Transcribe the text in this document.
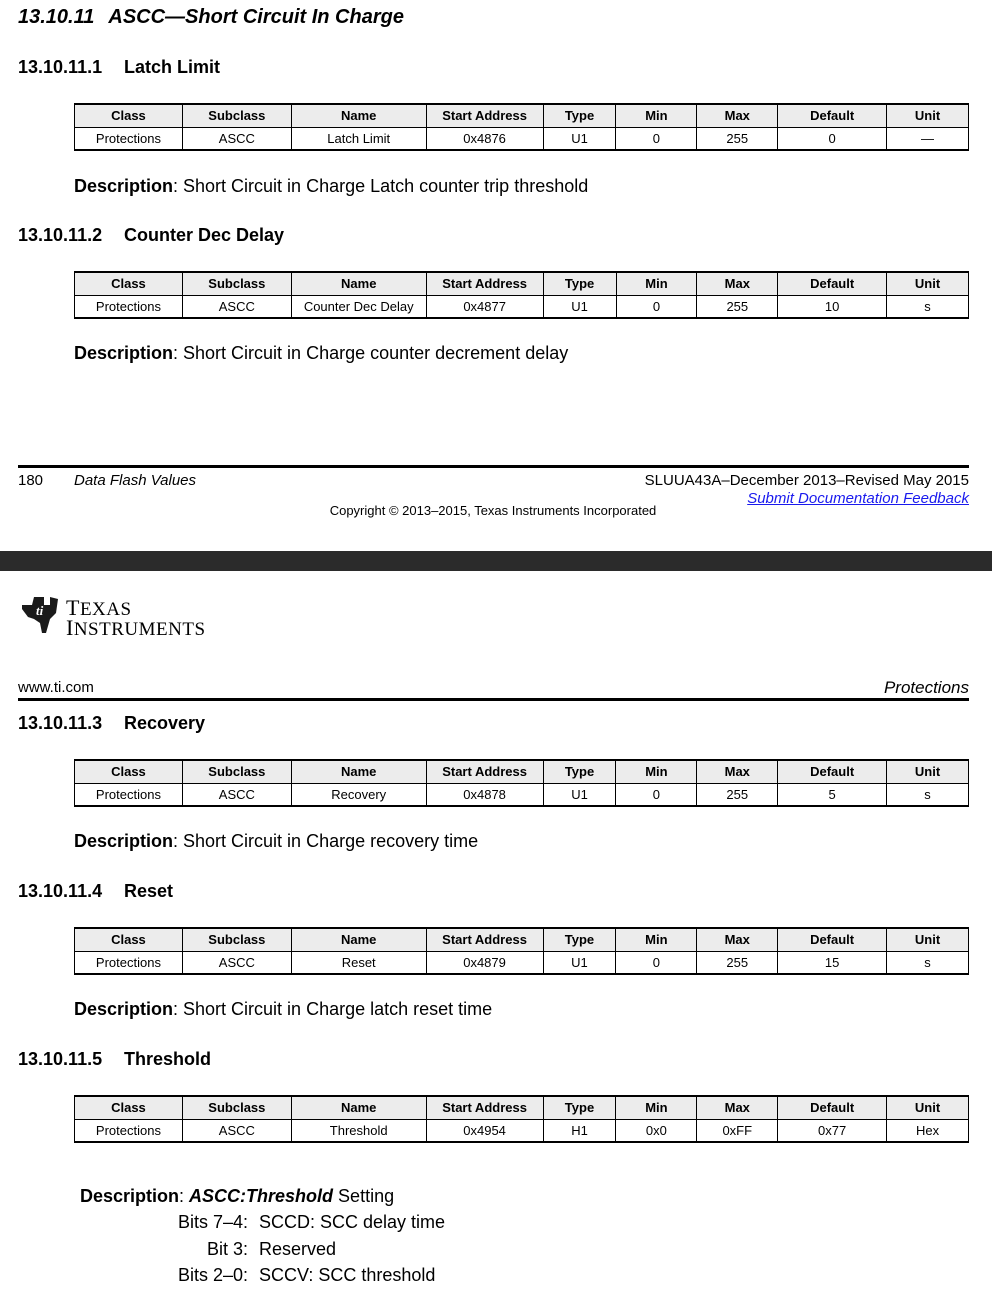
13.10.11 ASCC—Short Circuit In Charge
13.10.11.1 Latch Limit
Class	Subclass	Name	Start Address	Type	Min	Max	Default	Unit
Protections	ASCC	Latch Limit	0x4876	U1	0	255	0	—
Description: Short Circuit in Charge Latch counter trip threshold
13.10.11.2 Counter Dec Delay
Class	Subclass	Name	Start Address	Type	Min	Max	Default	Unit
Protections	ASCC	Counter Dec Delay	0x4877	U1	0	255	10	s
Description: Short Circuit in Charge counter decrement delay
180 Data Flash Values	SLUUA43A–December 2013–Revised May 2015
Submit Documentation Feedback
Copyright © 2013–2015, Texas Instruments Incorporated
ti TEXAS
INSTRUMENTS
www.ti.com	Protections
13.10.11.3 Recovery
Class	Subclass	Name	Start Address	Type	Min	Max	Default	Unit
Protections	ASCC	Recovery	0x4878	U1	0	255	5	s
Description: Short Circuit in Charge recovery time
13.10.11.4 Reset
Class	Subclass	Name	Start Address	Type	Min	Max	Default	Unit
Protections	ASCC	Reset	0x4879	U1	0	255	15	s
Description: Short Circuit in Charge latch reset time
13.10.11.5 Threshold
Class	Subclass	Name	Start Address	Type	Min	Max	Default	Unit
Protections	ASCC	Threshold	0x4954	H1	0x0	0xFF	0x77	Hex
Description: ASCC:Threshold Setting
Bits 7–4: SCCD: SCC delay time
Bit 3: Reserved
Bits 2–0: SCCV: SCC threshold
